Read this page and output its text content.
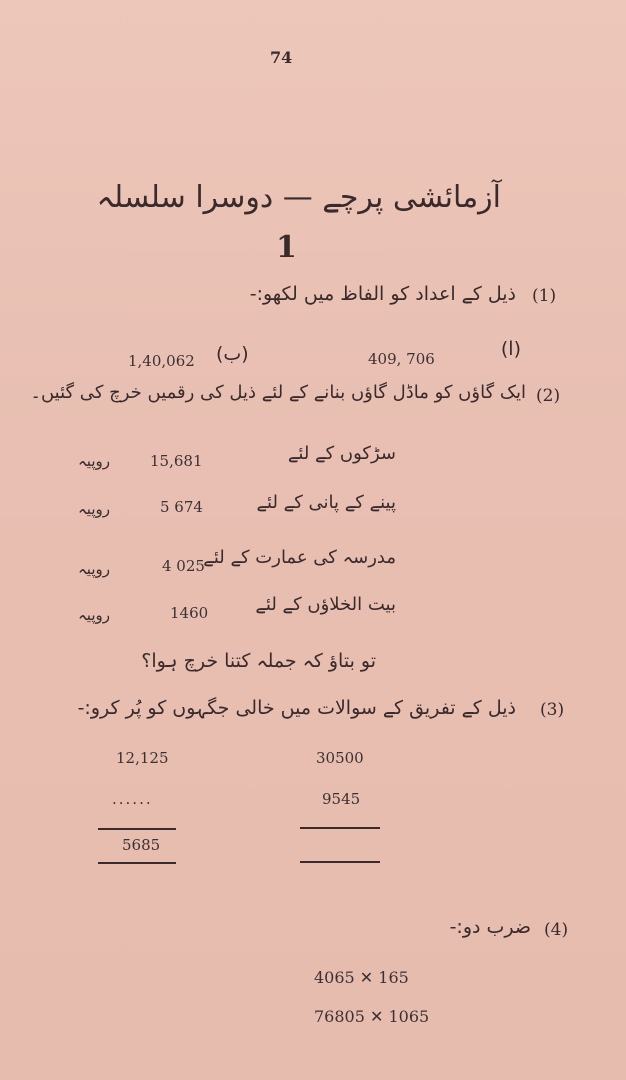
74
آزمائشی پرچے — دوسرا سلسلہ
1
(1)
ذیل کے اعداد کو الفاظ میں لکھو:-
(ا)
409, 706
(ب)
1,40,062
(2)
ایک گاؤں کو ماڈل گاؤں بنانے کے لئے ذیل کی رقمیں خرچ کی گئیں۔
سڑکوں کے لئے
15,681
روپیہ
پینے کے پانی کے لئے
5 674
روپیہ
مدرسہ کی عمارت کے لئے
4 025
روپیہ
بیت الخلاؤں کے لئے
1460
روپیہ
تو بتاؤ کہ جملہ کتنا خرچ ہوا؟
(3)
ذیل کے تفریق کے سوالات میں خالی جگہوں کو پُر کرو:-
12,125
......
5685
30500
9545
(4)
ضرب دو:-
4065 ✕ 165
76805 ✕ 1065
